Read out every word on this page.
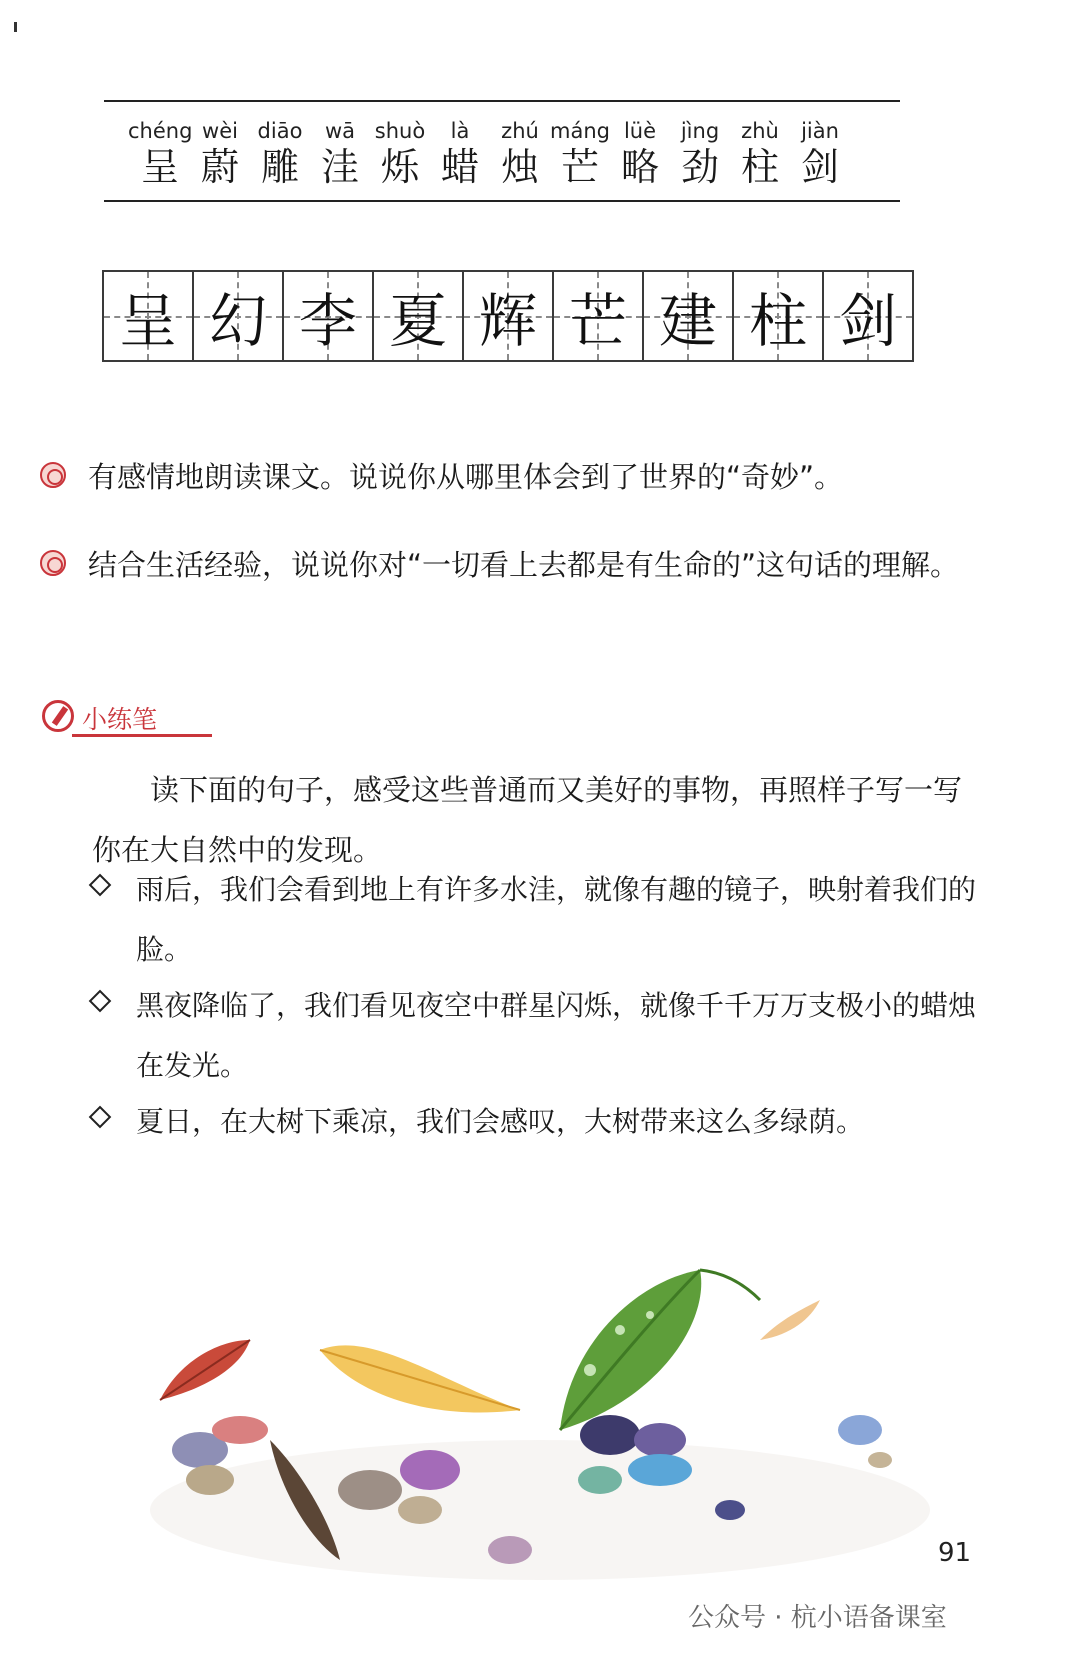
chéng
呈
wèi
蔚
diāo
雕
wā
洼
shuò
烁
là
蜡
zhú
烛
máng
芒
lüè
略
jìng
劲
zhù
柱
jiàn
剑
呈 幻 李 夏 辉 芒 建 柱 剑
有感情地朗读课文。说说你从哪里体会到了世界的“奇妙”。
结合生活经验，说说你对“一切看上去都是有生命的”这句话的理解。
小练笔
读下面的句子，感受这些普通而又美好的事物，再照样子写一写你在大自然中的发现。
雨后，我们会看到地上有许多水洼，就像有趣的镜子，映射着我们的脸。
黑夜降临了，我们看见夜空中群星闪烁，就像千千万万支极小的蜡烛在发光。
夏日，在大树下乘凉，我们会感叹，大树带来这么多绿荫。
91
公众号 · 杭小语备课室
